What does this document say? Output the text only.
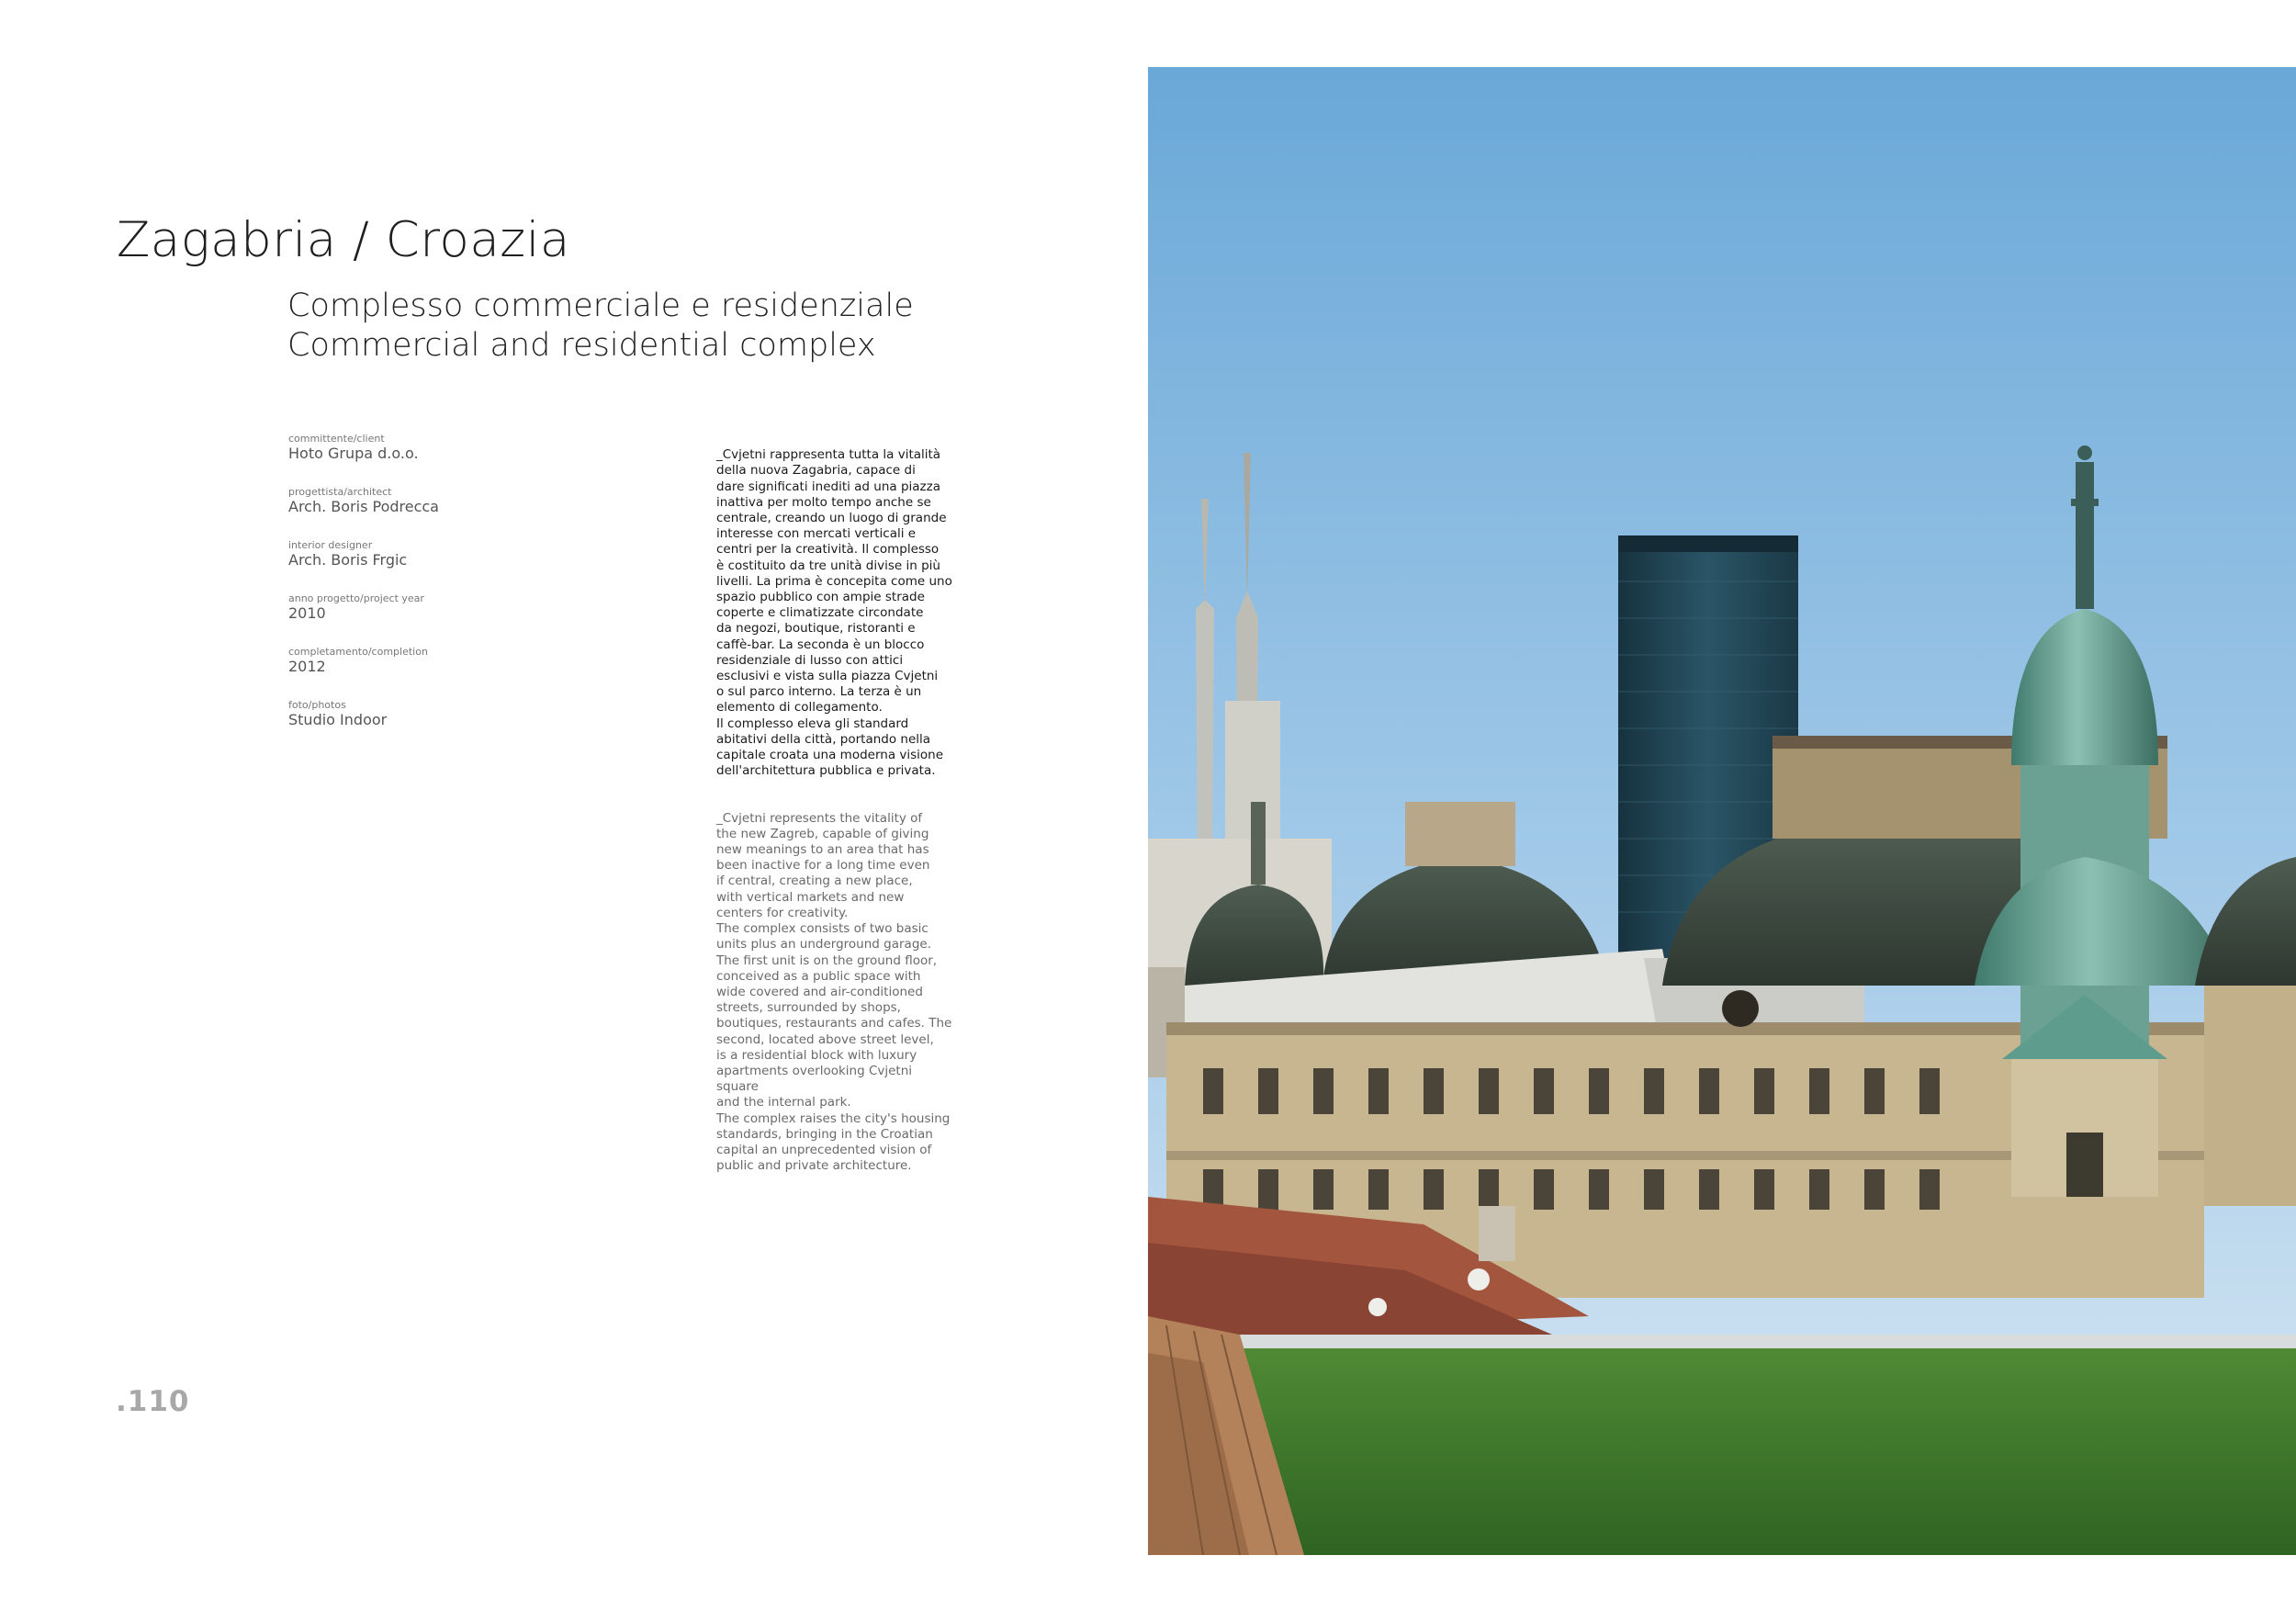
Zagabria / Croazia
Complesso commerciale e residenziale
Commercial and residential complex
committente/client
Hoto Grupa d.o.o.
progettista/architect
Arch. Boris Podrecca
interior designer
Arch. Boris Frgic
anno progetto/project year
2010
completamento/completion
2012
foto/photos
Studio Indoor

_Cvjetni rappresenta tutta la vitalità
della nuova Zagabria, capace di
dare significati inediti ad una piazza
inattiva per molto tempo anche se
centrale, creando un luogo di grande
interesse con mercati verticali e
centri per la creatività. Il complesso
è costituito da tre unità divise in più
livelli. La prima è concepita come uno
spazio pubblico con ampie strade
coperte e climatizzate circondate
da negozi, boutique, ristoranti e
caffè-bar. La seconda è un blocco
residenziale di lusso con attici
esclusivi e vista sulla piazza Cvjetni
o sul parco interno. La terza è un
elemento di collegamento.
Il complesso eleva gli standard
abitativi della città, portando nella
capitale croata una moderna visione
dell'architettura pubblica e privata.

_Cvjetni represents the vitality of
the new Zagreb, capable of giving
new meanings to an area that has
been inactive for a long time even
if central, creating a new place,
with vertical markets and new
centers for creativity.
The complex consists of two basic
units plus an underground garage.
The first unit is on the ground floor,
conceived as a public space with
wide covered and air-conditioned
streets, surrounded by shops,
boutiques, restaurants and cafes. The
second, located above street level,
is a residential block with luxury
apartments overlooking Cvjetni square
and the internal park.
The complex raises the city's housing
standards, bringing in the Croatian
capital an unprecedented vision of
public and private architecture.

.110
